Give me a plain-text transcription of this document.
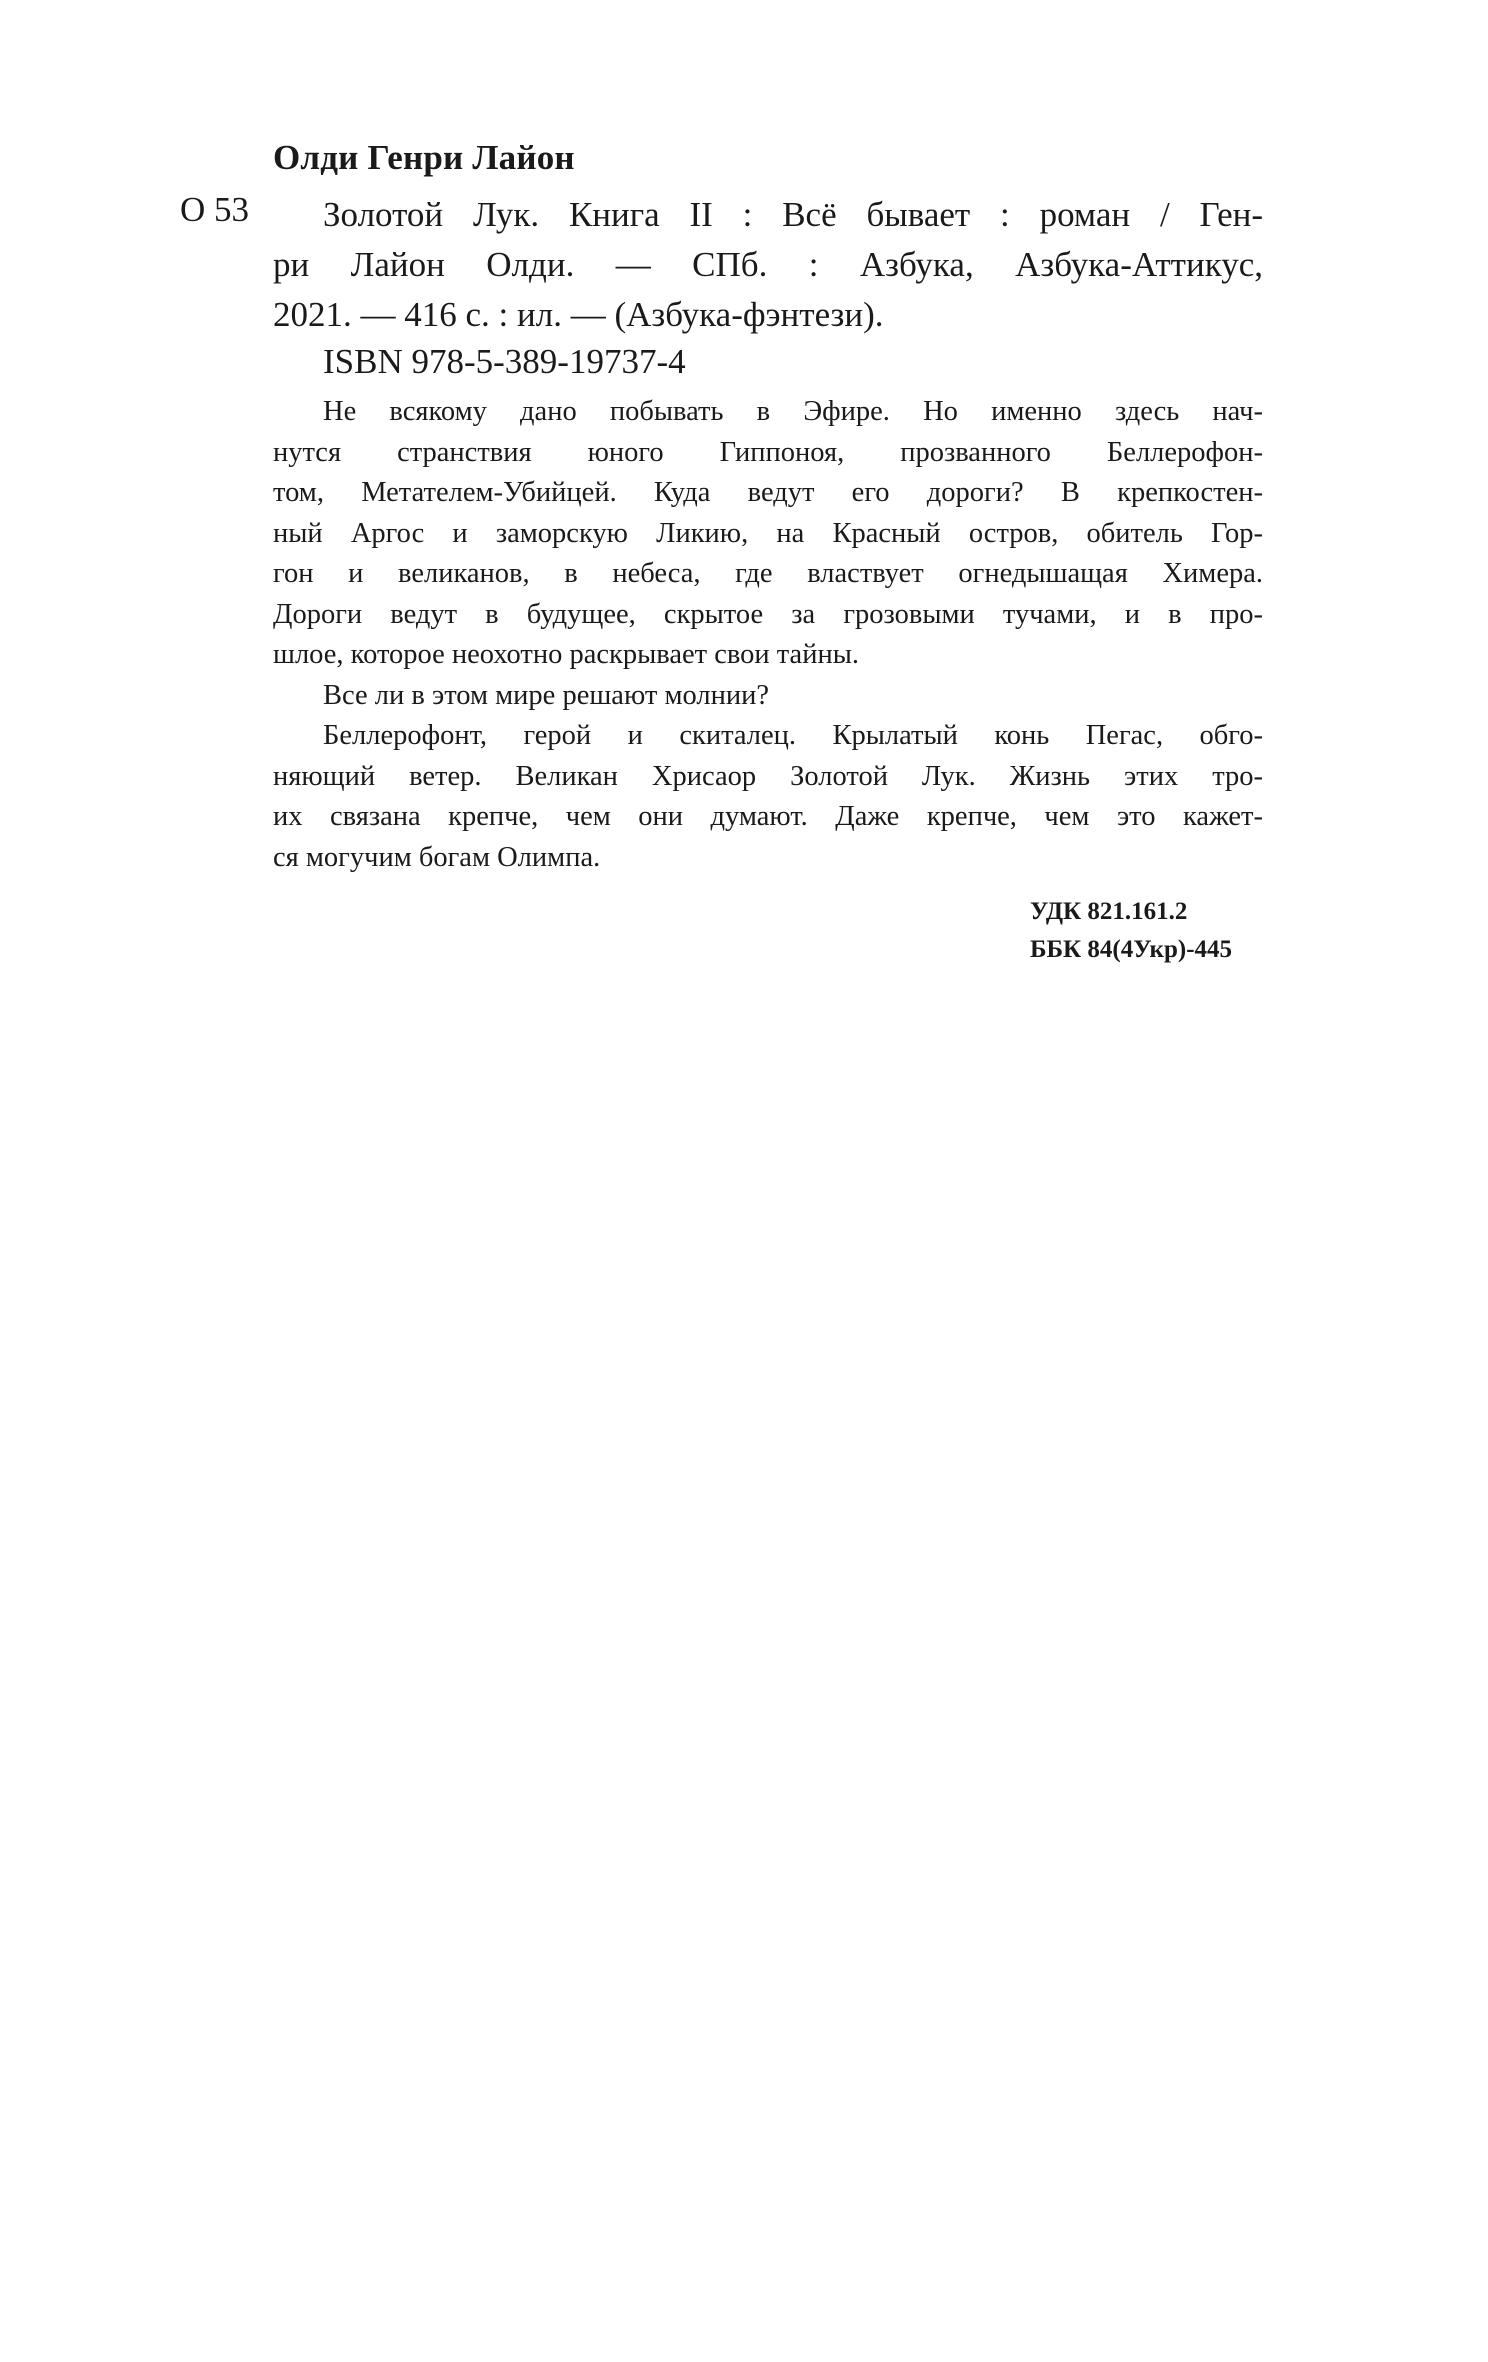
Олди Генри Лайон
О 53	Золотой Лук. Книга II : Всё бывает : роман / Ген-
ри Лайон Олди. — СПб. : Азбука, Азбука-Аттикус,
2021. — 416 с. : ил. — (Азбука-фэнтези).
ISBN 978-5-389-19737-4
Не всякому дано побывать в Эфире. Но именно здесь нач-
нутся странствия юного Гиппоноя, прозванного Беллерофон-
том, Метателем-Убийцей. Куда ведут его дороги? В крепкостен-
ный Аргос и заморскую Ликию, на Красный остров, обитель Гор-
гон и великанов, в небеса, где властвует огнедышащая Химера.
Дороги ведут в будущее, скрытое за грозовыми тучами, и в про-
шлое, которое неохотно раскрывает свои тайны.
Все ли в этом мире решают молнии?
Беллерофонт, герой и скиталец. Крылатый конь Пегас, обго-
няющий ветер. Великан Хрисаор Золотой Лук. Жизнь этих тро-
их связана крепче, чем они думают. Даже крепче, чем это кажет-
ся могучим богам Олимпа.
УДК 821.161.2
ББК 84(4Укр)-445
